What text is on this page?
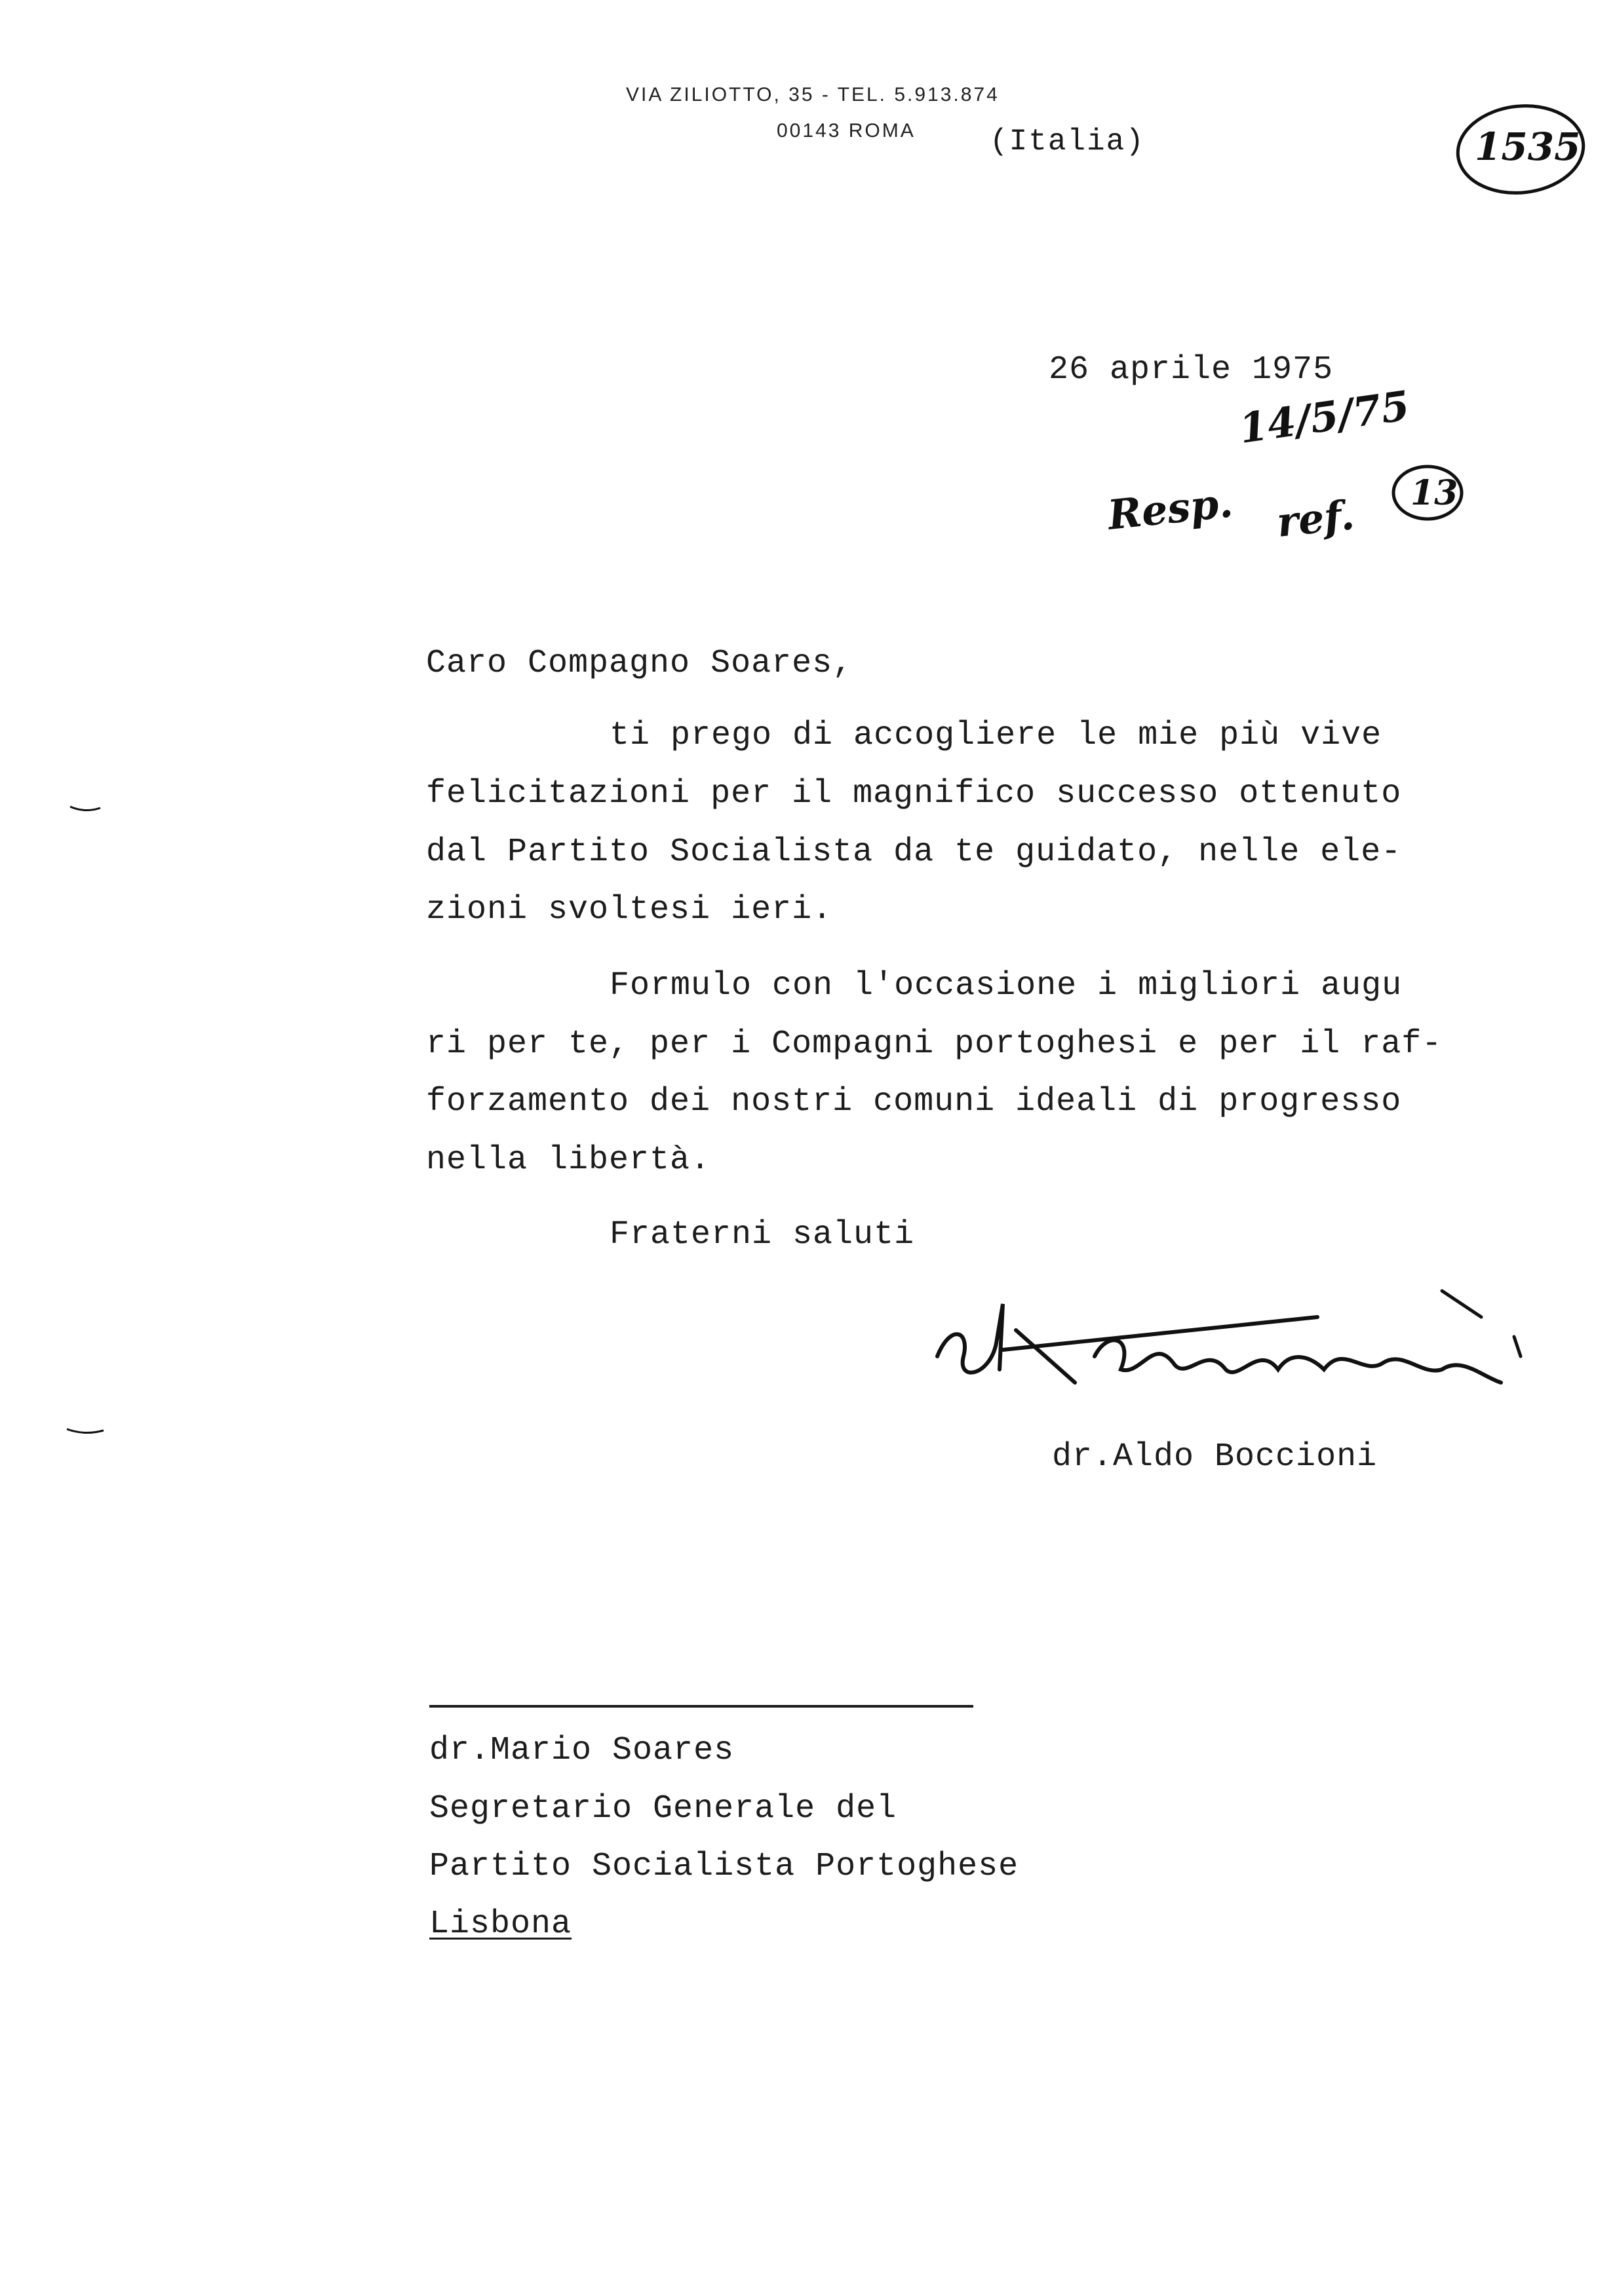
VIA ZILIOTTO, 35 - TEL. 5.913.874
00143 ROMA (Italia)	1535
26 aprile 1975
14/5/75
Resp. ref. 13
Caro Compagno Soares,
ti prego di accogliere le mie più vive
felicitazioni per il magnifico successo ottenuto
dal Partito Socialista da te guidato, nelle ele-
zioni svoltesi ieri.
Formulo con l'occasione i migliori augu
ri per te, per i Compagni portoghesi e per il raf-
forzamento dei nostri comuni ideali di progresso
nella libertà.
Fraterni saluti
dr.Aldo Boccioni
dr.Mario Soares
Segretario Generale del
Partito Socialista Portoghese
Lisbona
